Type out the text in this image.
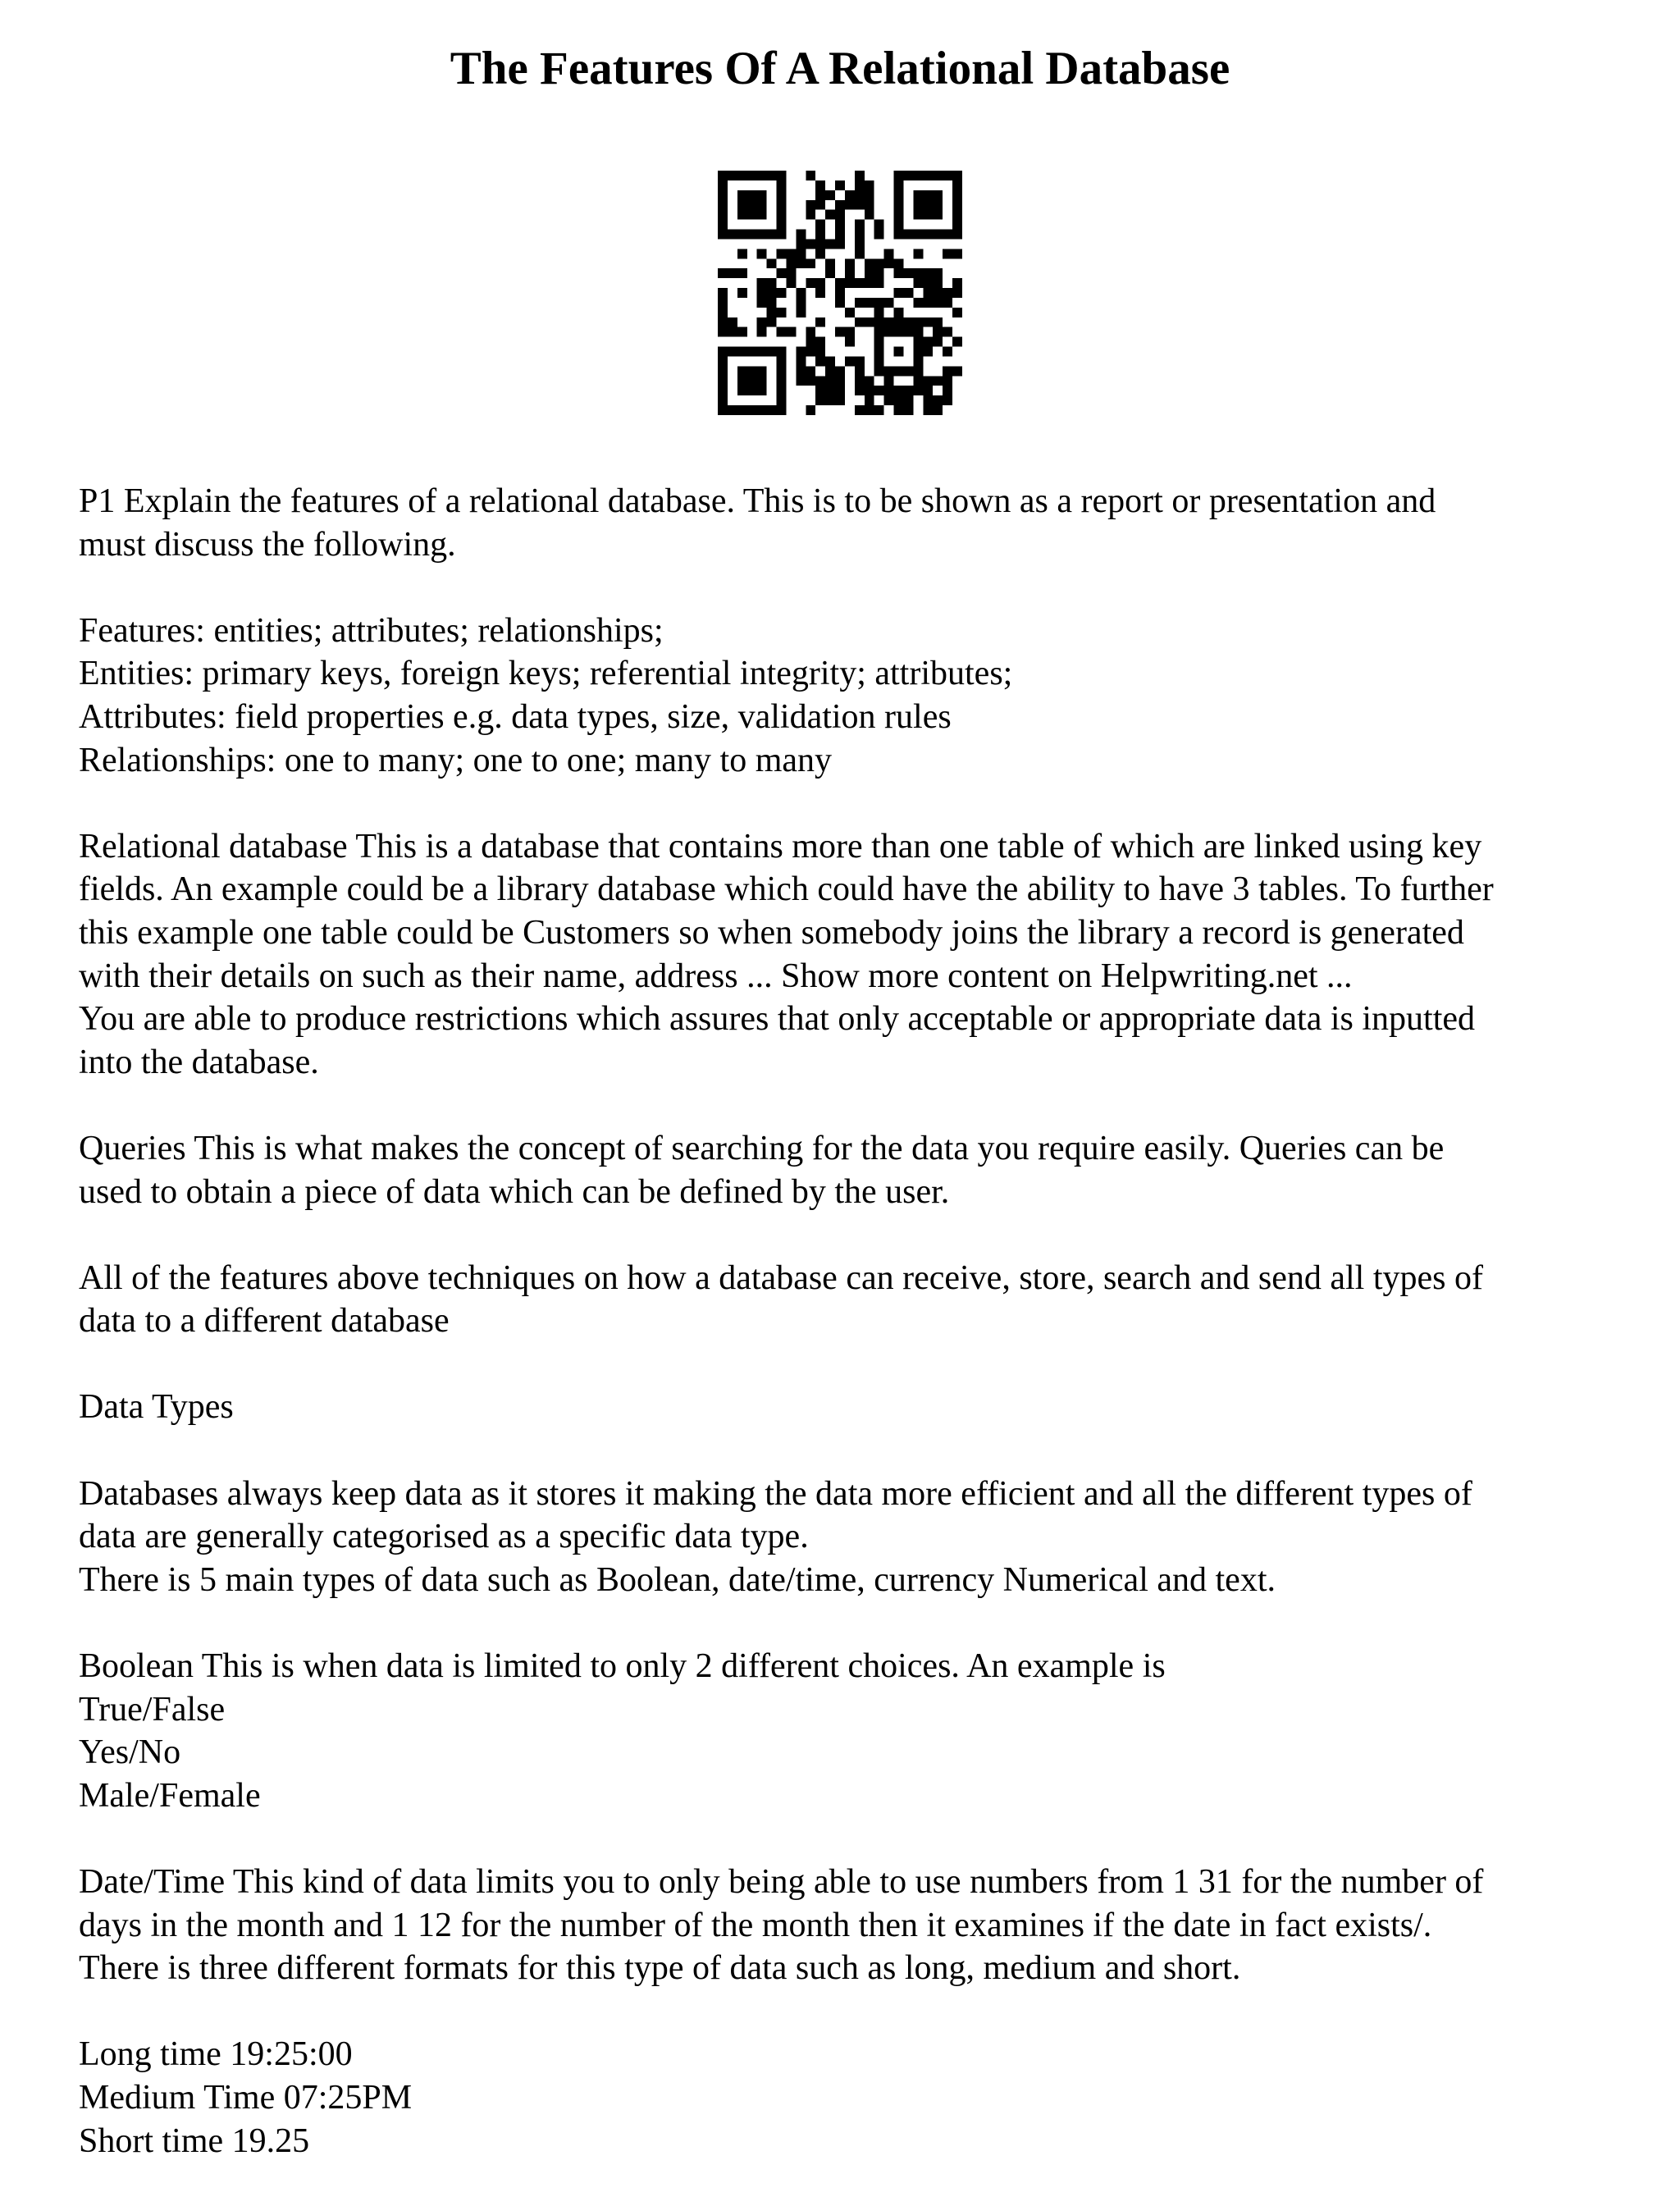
The Features Of A Relational Database

P1 Explain the features of a relational database. This is to be shown as a report or presentation and
must discuss the following.

Features: entities; attributes; relationships;
Entities: primary keys, foreign keys; referential integrity; attributes;
Attributes: field properties e.g. data types, size, validation rules
Relationships: one to many; one to one; many to many

Relational database This is a database that contains more than one table of which are linked using key
fields. An example could be a library database which could have the ability to have 3 tables. To further
this example one table could be Customers so when somebody joins the library a record is generated
with their details on such as their name, address ... Show more content on Helpwriting.net ...
You are able to produce restrictions which assures that only acceptable or appropriate data is inputted
into the database.

Queries This is what makes the concept of searching for the data you require easily. Queries can be
used to obtain a piece of data which can be defined by the user.

All of the features above techniques on how a database can receive, store, search and send all types of
data to a different database

Data Types

Databases always keep data as it stores it making the data more efficient and all the different types of
data are generally categorised as a specific data type.
There is 5 main types of data such as Boolean, date/time, currency Numerical and text.

Boolean This is when data is limited to only 2 different choices. An example is
True/False
Yes/No
Male/Female

Date/Time This kind of data limits you to only being able to use numbers from 1 31 for the number of
days in the month and 1 12 for the number of the month then it examines if the date in fact exists/.
There is three different formats for this type of data such as long, medium and short.

Long time 19:25:00
Medium Time 07:25PM
Short time 19.25
